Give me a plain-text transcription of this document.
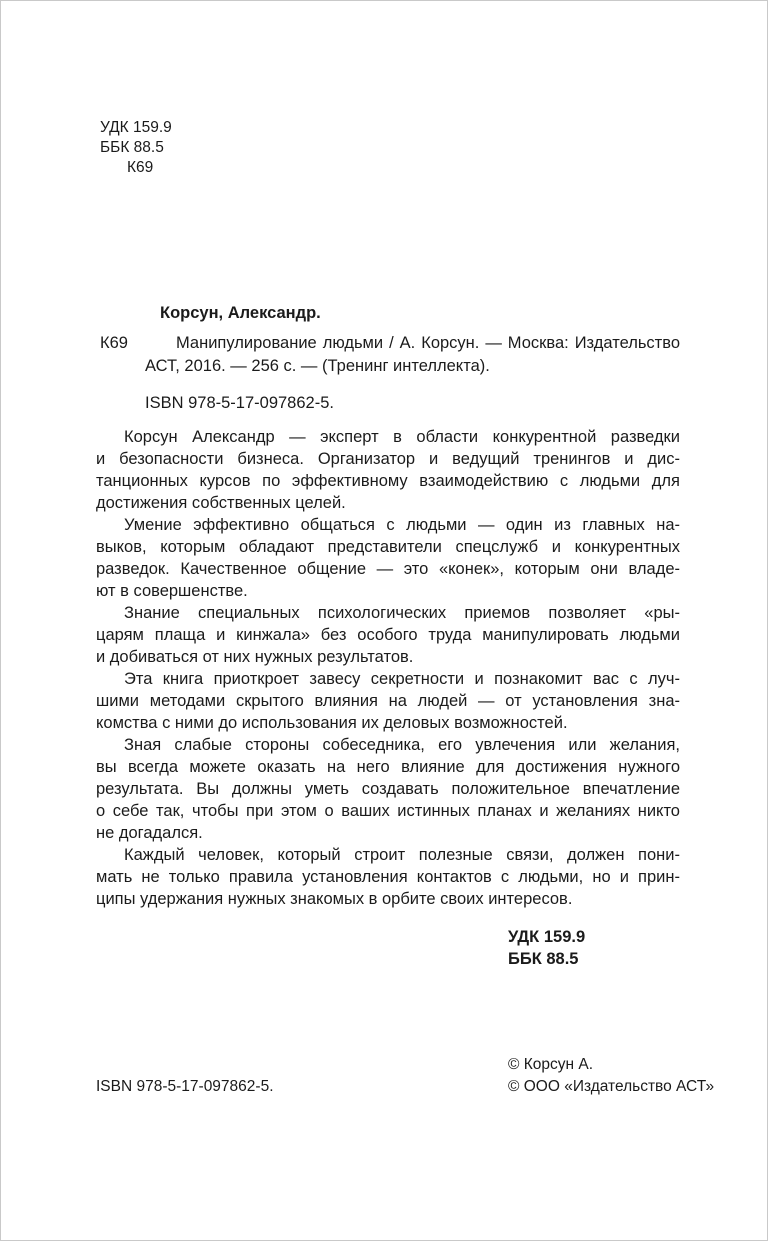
УДК 159.9
ББК 88.5
К69
Корсун, Александр.
К69	Манипулирование людьми / А. Корсун. — Москва: Издательство
АСТ, 2016. — 256 с. — (Тренинг интеллекта).
ISBN 978-5-17-097862-5.
Корсун Александр — эксперт в области конкурентной разведки
и безопасности бизнеса. Организатор и ведущий тренингов и дис-
танционных курсов по эффективному взаимодействию с людьми для
достижения собственных целей.
Умение эффективно общаться с людьми — один из главных на-
выков, которым обладают представители спецслужб и конкурентных
разведок. Качественное общение — это «конек», которым они владе-
ют в совершенстве.
Знание специальных психологических приемов позволяет «ры-
царям плаща и кинжала» без особого труда манипулировать людьми
и добиваться от них нужных результатов.
Эта книга приоткроет завесу секретности и познакомит вас с луч-
шими методами скрытого влияния на людей — от установления зна-
комства с ними до использования их деловых возможностей.
Зная слабые стороны собеседника, его увлечения или желания,
вы всегда можете оказать на него влияние для достижения нужного
результата. Вы должны уметь создавать положительное впечатление
о себе так, чтобы при этом о ваших истинных планах и желаниях никто
не догадался.
Каждый человек, который строит полезные связи, должен пони-
мать не только правила установления контактов с людьми, но и прин-
ципы удержания нужных знакомых в орбите своих интересов.
УДК 159.9
ББК 88.5
ISBN 978-5-17-097862-5.
© Корсун А.
© ООО «Издательство АСТ»
